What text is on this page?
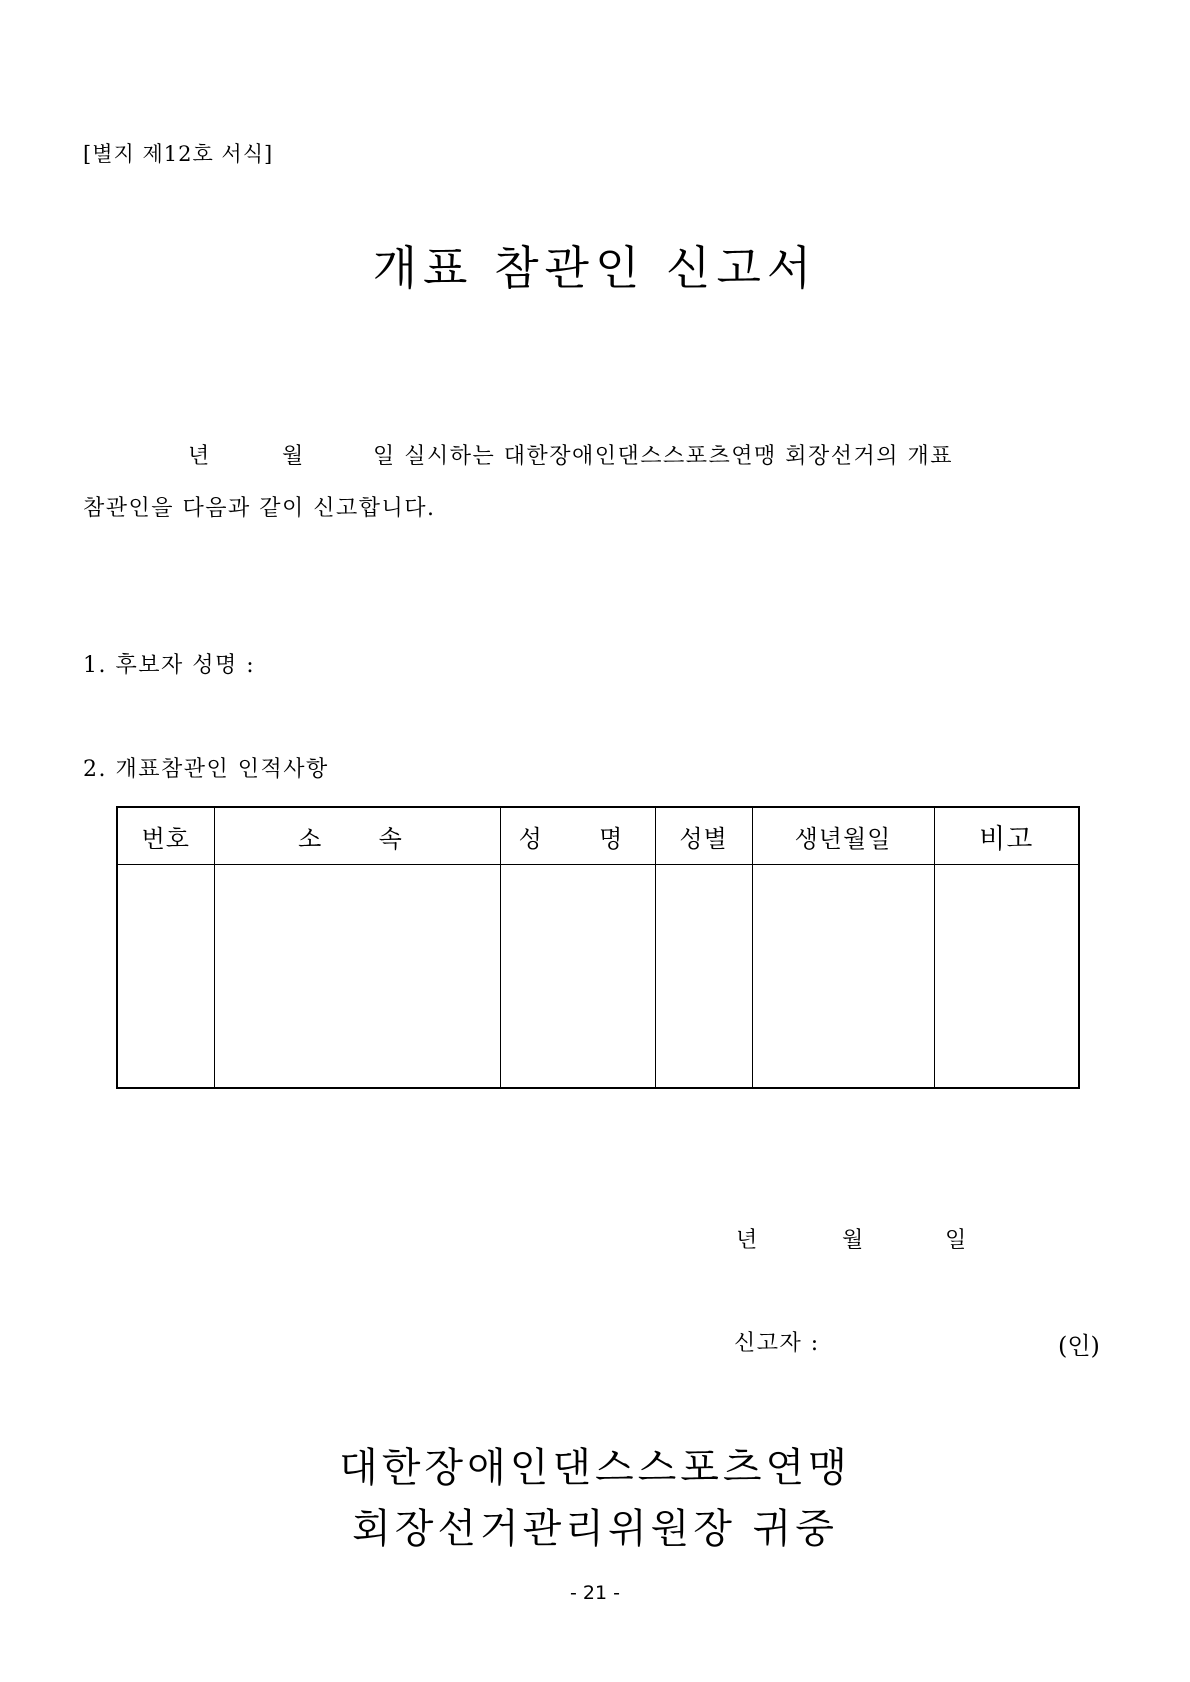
[별지 제12호 서식]
개표 참관인 신고서
년	월	일 실시하는 대한장애인댄스스포츠연맹 회장선거의 개표
참관인을 다음과 같이 신고합니다.
1. 후보자 성명 :
2. 개표참관인 인적사항
번호	소  속	성  명	성별	생년월일	비고

년	월	일
신고자 :	(인)
대한장애인댄스스포츠연맹
회장선거관리위원장 귀중
- 21 -
